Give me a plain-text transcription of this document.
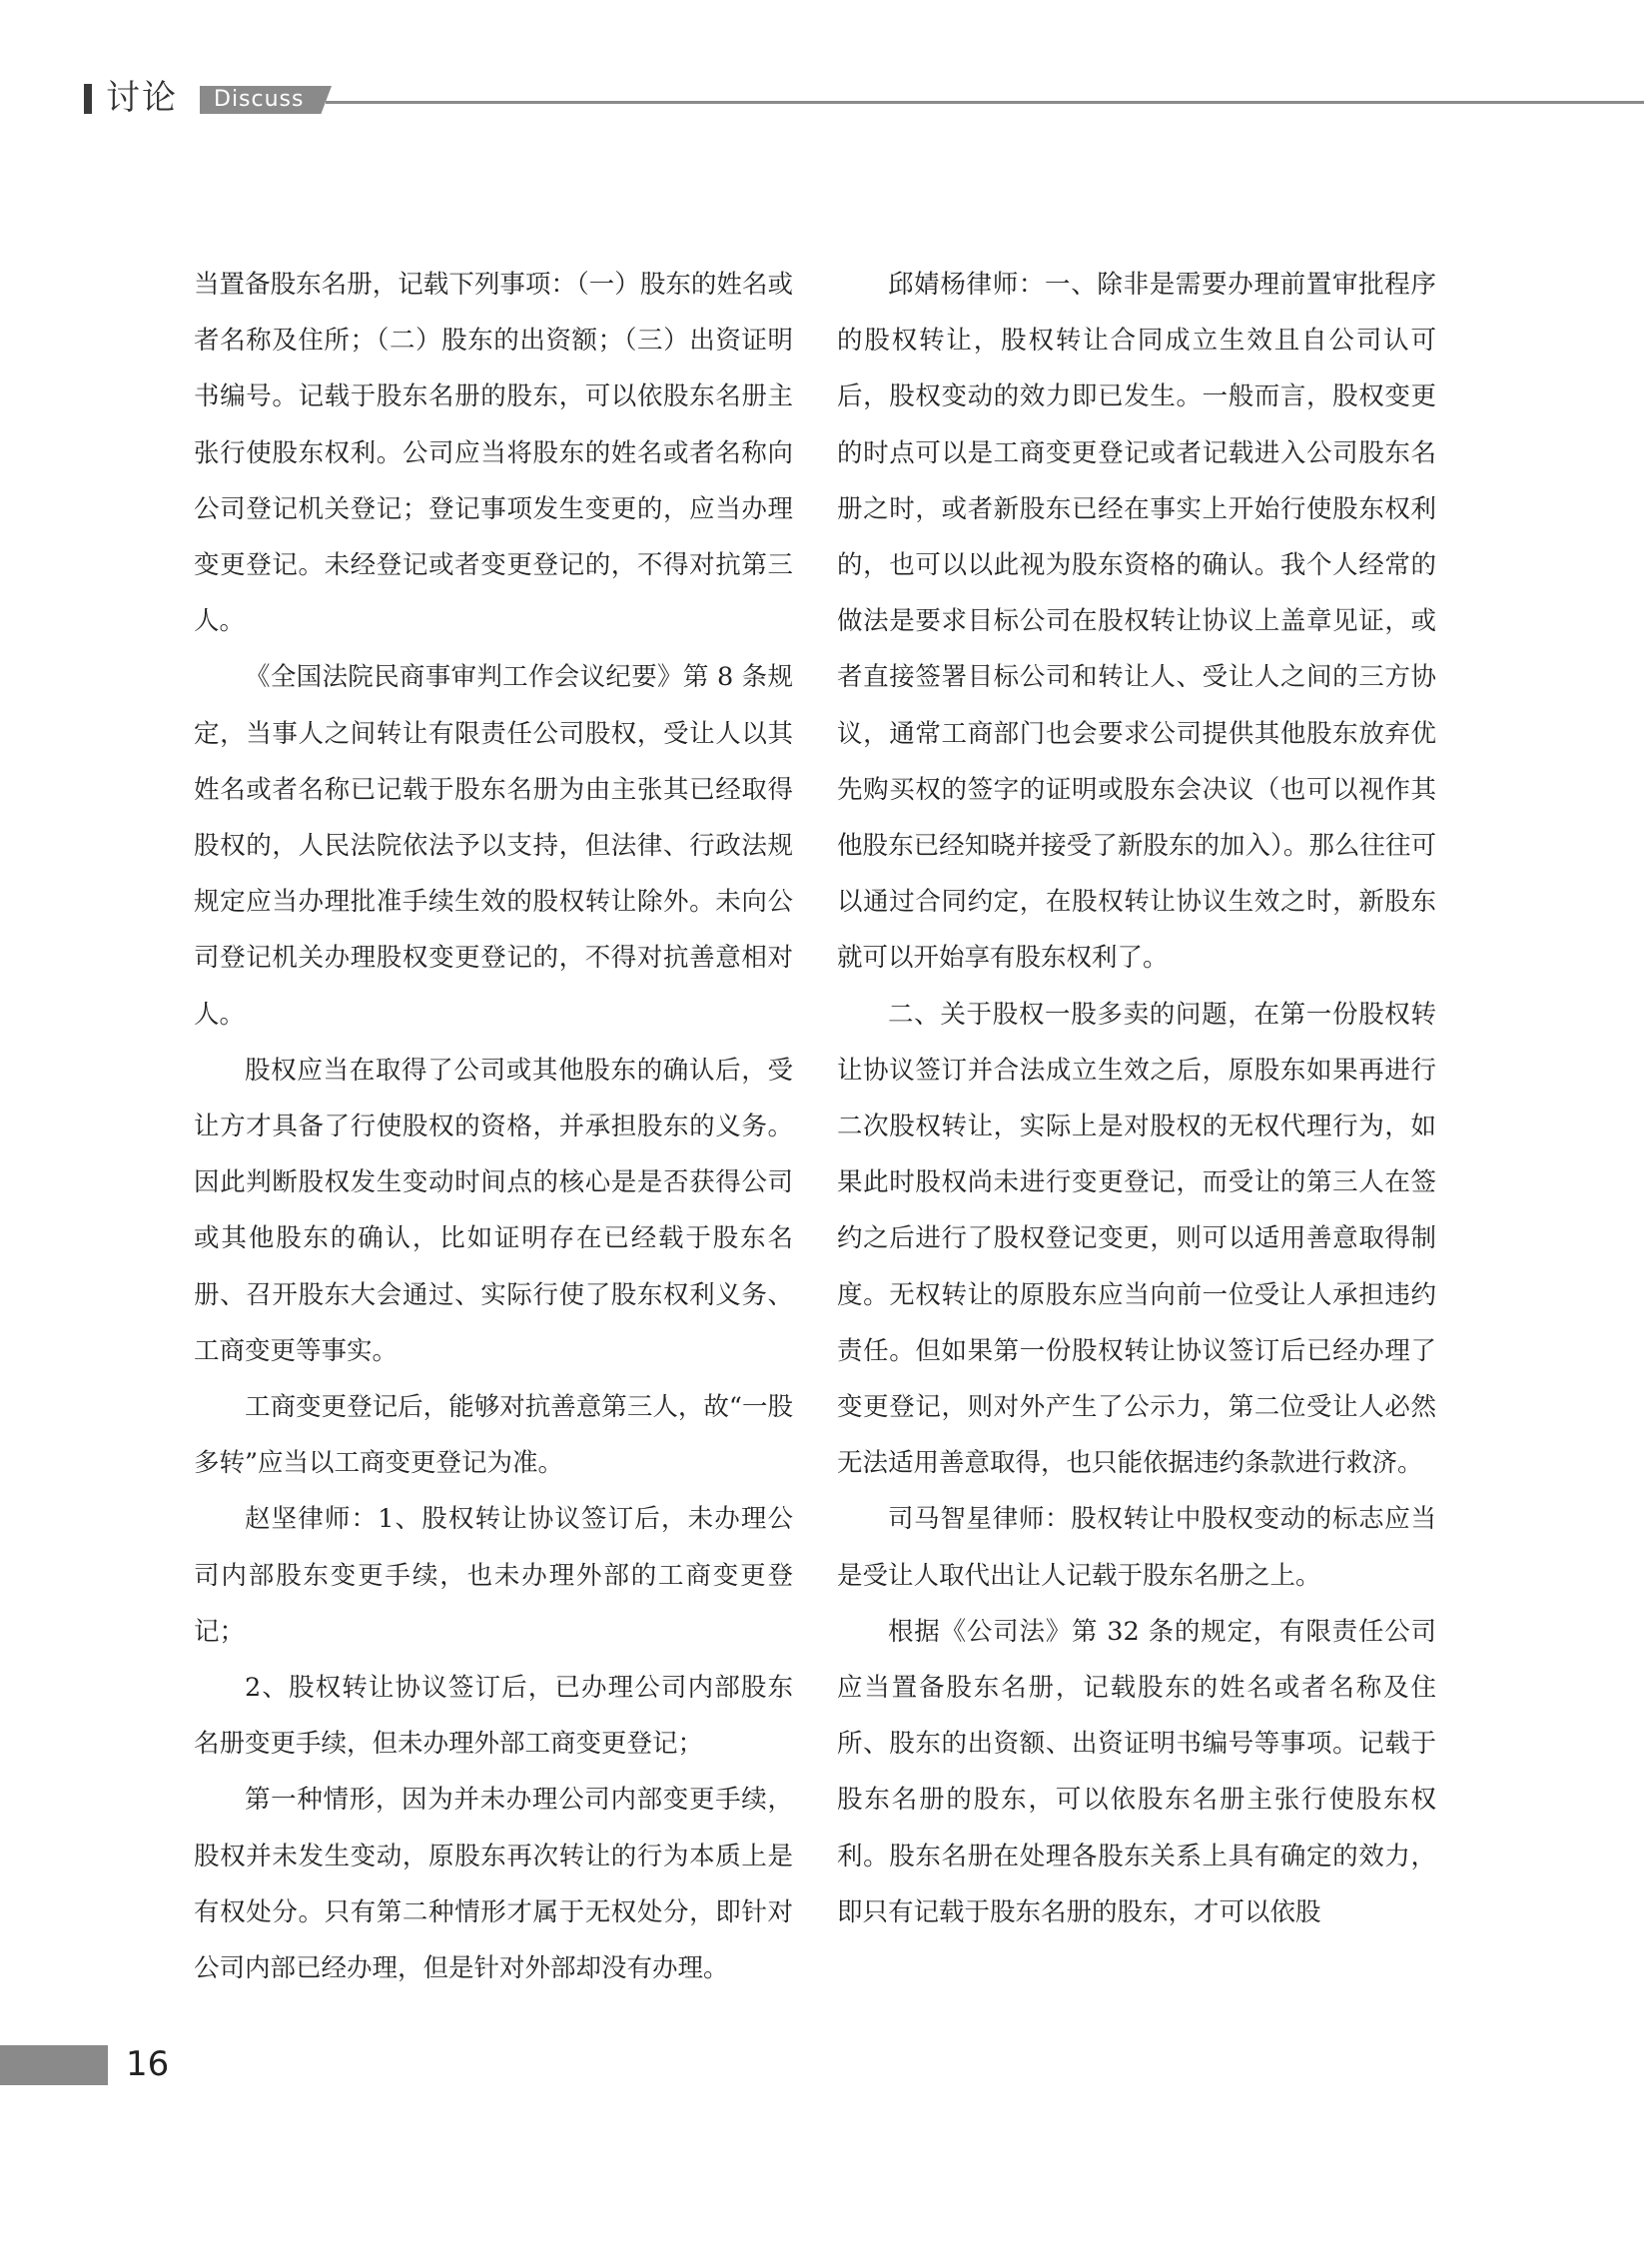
讨论 Discuss

当置备股东名册，记载下列事项：（一）股东的姓名或者名称及住所；（二）股东的出资额；（三）出资证明书编号。记载于股东名册的股东，可以依股东名册主张行使股东权利。公司应当将股东的姓名或者名称向公司登记机关登记；登记事项发生变更的，应当办理变更登记。未经登记或者变更登记的，不得对抗第三人。

《全国法院民商事审判工作会议纪要》第 8 条规定，当事人之间转让有限责任公司股权，受让人以其姓名或者名称已记载于股东名册为由主张其已经取得股权的，人民法院依法予以支持，但法律、行政法规规定应当办理批准手续生效的股权转让除外。未向公司登记机关办理股权变更登记的，不得对抗善意相对人。

股权应当在取得了公司或其他股东的确认后，受让方才具备了行使股权的资格，并承担股东的义务。因此判断股权发生变动时间点的核心是是否获得公司或其他股东的确认，比如证明存在已经载于股东名册、召开股东大会通过、实际行使了股东权利义务、工商变更等事实。

工商变更登记后，能够对抗善意第三人，故“一股多转”应当以工商变更登记为准。

赵坚律师：1、股权转让协议签订后，未办理公司内部股东变更手续，也未办理外部的工商变更登记；

2、股权转让协议签订后，已办理公司内部股东名册变更手续，但未办理外部工商变更登记；

第一种情形，因为并未办理公司内部变更手续，股权并未发生变动，原股东再次转让的行为本质上是有权处分。只有第二种情形才属于无权处分，即针对公司内部已经办理，但是针对外部却没有办理。

邱婧杨律师：一、除非是需要办理前置审批程序的股权转让，股权转让合同成立生效且自公司认可后，股权变动的效力即已发生。一般而言，股权变更的时点可以是工商变更登记或者记载进入公司股东名册之时，或者新股东已经在事实上开始行使股东权利的，也可以以此视为股东资格的确认。我个人经常的做法是要求目标公司在股权转让协议上盖章见证，或者直接签署目标公司和转让人、受让人之间的三方协议，通常工商部门也会要求公司提供其他股东放弃优先购买权的签字的证明或股东会决议（也可以视作其他股东已经知晓并接受了新股东的加入）。那么往往可以通过合同约定，在股权转让协议生效之时，新股东就可以开始享有股东权利了。

二、关于股权一股多卖的问题，在第一份股权转让协议签订并合法成立生效之后，原股东如果再进行二次股权转让，实际上是对股权的无权代理行为，如果此时股权尚未进行变更登记，而受让的第三人在签约之后进行了股权登记变更，则可以适用善意取得制度。无权转让的原股东应当向前一位受让人承担违约责任。但如果第一份股权转让协议签订后已经办理了变更登记，则对外产生了公示力，第二位受让人必然无法适用善意取得，也只能依据违约条款进行救济。

司马智星律师：股权转让中股权变动的标志应当是受让人取代出让人记载于股东名册之上。

根据《公司法》第 32 条的规定，有限责任公司应当置备股东名册，记载股东的姓名或者名称及住所、股东的出资额、出资证明书编号等事项。记载于股东名册的股东，可以依股东名册主张行使股东权利。股东名册在处理各股东关系上具有确定的效力，即只有记载于股东名册的股东，才可以依股

16
